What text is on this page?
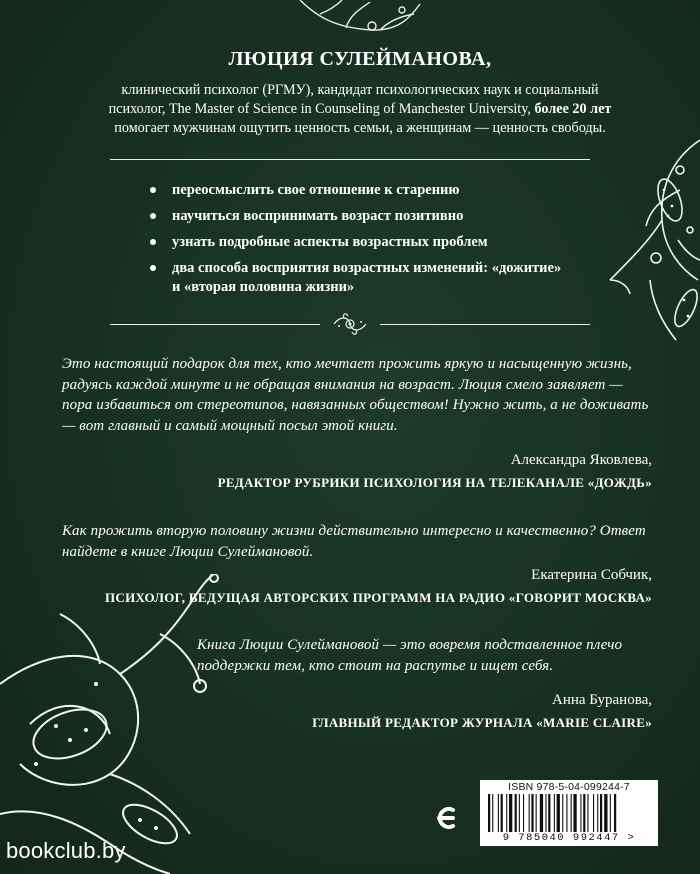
ЛЮЦИЯ СУЛЕЙМАНОВА,
клинический психолог (РГМУ), кандидат психологических наук и социальный
психолог, The Master of Science in Counseling of Manchester University, более 20 лет
помогает мужчинам ощутить ценность семьи, а женщинам — ценность свободы.
переосмыслить свое отношение к старению
научиться воспринимать возраст позитивно
узнать подробные аспекты возрастных проблем
два способа восприятия возрастных изменений: «дожитие» и «вторая половина жизни»
Это настоящий подарок для тех, кто мечтает прожить яркую и насыщенную жизнь, радуясь каждой минуте и не обращая внимания на возраст. Люция смело заявляет — пора избавиться от стереотипов, навязанных обществом! Нужно жить, а не доживать — вот главный и самый мощный посыл этой книги.
Александра Яковлева,
РЕДАКТОР РУБРИКИ ПСИХОЛОГИЯ НА ТЕЛЕКАНАЛЕ «ДОЖДЬ»
Как прожить вторую половину жизни действительно интересно и качественно? Ответ найдете в книге Люции Сулеймановой.
Екатерина Собчик,
ПСИХОЛОГ, ВЕДУЩАЯ АВТОРСКИХ ПРОГРАММ НА РАДИО «ГОВОРИТ МОСКВА»
Книга Люции Сулеймановой — это вовремя подставленное плечо поддержки тем, кто стоит на распутье и ищет себя.
Анна Буранова,
ГЛАВНЫЙ РЕДАКТОР ЖУРНАЛА «MARIE CLAIRE»
ISBN 978-5-04-099244-7
9 785040 992447 >
bookclub.by
